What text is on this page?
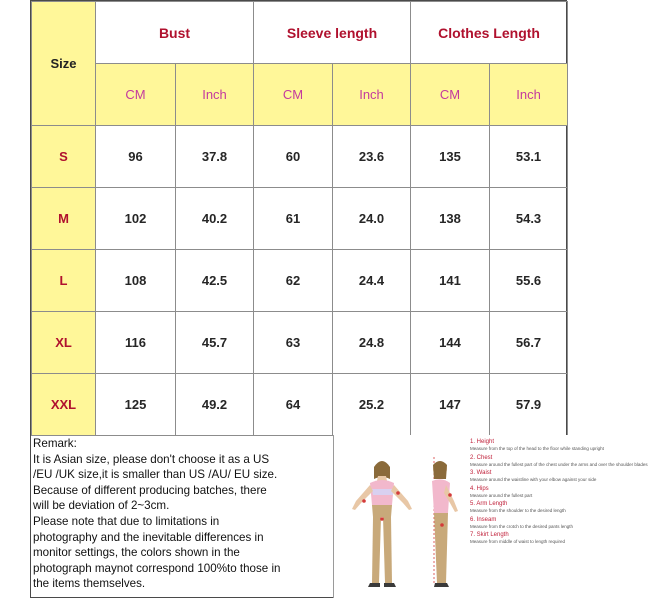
Size	Bust		Sleeve length		Clothes Length	
	CM	Inch	CM	Inch	CM	Inch
S	96	37.8	60	23.6	135	53.1
M	102	40.2	61	24.0	138	54.3
L	108	42.5	62	24.4	141	55.6
XL	116	45.7	63	24.8	144	56.7
XXL	125	49.2	64	25.2	147	57.9
Remark:
It is Asian size, please don't choose it as a US
/EU /UK size,it is smaller than US /AU/ EU size.
Because of different producing batches, there
will be deviation of 2~3cm.
Please note that due to limitations in
photography and the inevitable differences in
monitor settings, the colors shown in the
photograph maynot correspond 100%to those in
the items themselves.
1. Height
Measure from the top of the head to the floor while standing upright
2. Chest
Measure around the fullest part of the chest under the arms and over the shoulder blades
3. Waist
Measure around the waistline with your elbow against your side
4. Hips
Measure around the fullest part
5. Arm Length
Measure from the shoulder to the desired length
6. Inseam
Measure from the crotch to the desired pants length
7. Skirt Length
Measure from middle of waist to length required
